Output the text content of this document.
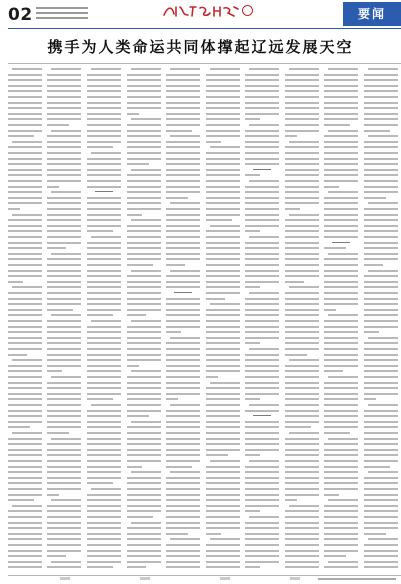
02	要闻
携手为人类命运共同体撑起辽远发展天空
